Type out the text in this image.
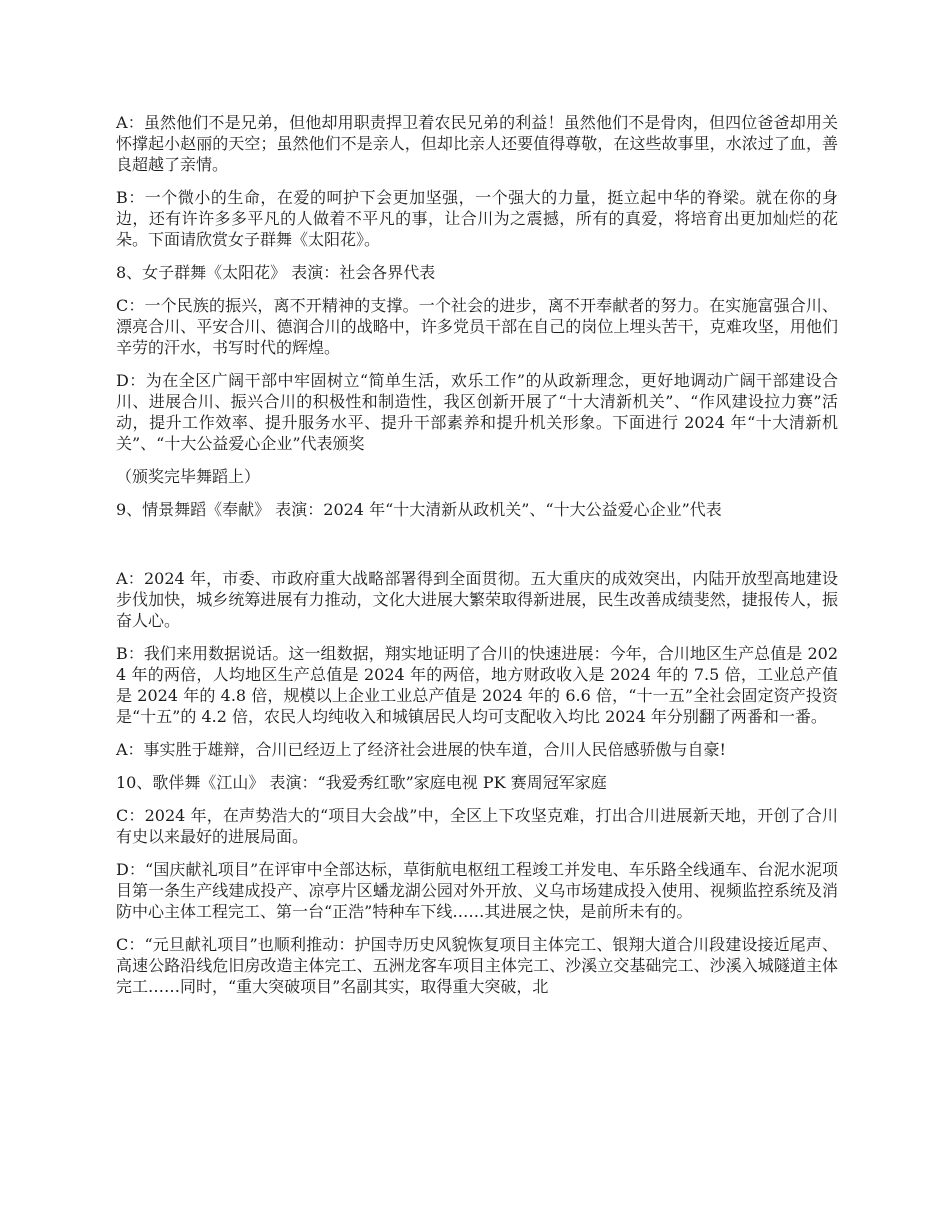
A：虽然他们不是兄弟，但他却用职责捍卫着农民兄弟的利益！虽然他们不是骨肉，但四位爸爸却用关怀撑起小赵丽的天空；虽然他们不是亲人，但却比亲人还要值得尊敬，在这些故事里，水浓过了血，善良超越了亲情。

B：一个微小的生命，在爱的呵护下会更加坚强，一个强大的力量，挺立起中华的脊梁。就在你的身边，还有许许多多平凡的人做着不平凡的事，让合川为之震撼，所有的真爱，将培育出更加灿烂的花朵。下面请欣赏女子群舞《太阳花》。

8、女子群舞《太阳花》 表演：社会各界代表

C：一个民族的振兴，离不开精神的支撑。一个社会的进步，离不开奉献者的努力。在实施富强合川、漂亮合川、平安合川、德润合川的战略中，许多党员干部在自己的岗位上埋头苦干，克难攻坚，用他们辛劳的汗水，书写时代的辉煌。

D：为在全区广阔干部中牢固树立“简单生活，欢乐工作”的从政新理念，更好地调动广阔干部建设合川、进展合川、振兴合川的积极性和制造性，我区创新开展了“十大清新机关”、“作风建设拉力赛”活动，提升工作效率、提升服务水平、提升干部素养和提升机关形象。下面进行 2024 年“十大清新机关”、“十大公益爱心企业”代表颁奖

（颁奖完毕舞蹈上）

9、情景舞蹈《奉献》 表演：2024 年“十大清新从政机关”、“十大公益爱心企业”代表

A：2024 年，市委、市政府重大战略部署得到全面贯彻。五大重庆的成效突出，内陆开放型高地建设步伐加快，城乡统筹进展有力推动，文化大进展大繁荣取得新进展，民生改善成绩斐然，捷报传人，振奋人心。

B：我们来用数据说话。这一组数据，翔实地证明了合川的快速进展：今年，合川地区生产总值是 2024 年的两倍，人均地区生产总值是 2024 年的两倍，地方财政收入是 2024 年的 7.5 倍，工业总产值是 2024 年的 4.8 倍，规模以上企业工业总产值是 2024 年的 6.6 倍，“十一五”全社会固定资产投资是“十五”的 4.2 倍，农民人均纯收入和城镇居民人均可支配收入均比 2024 年分别翻了两番和一番。

A：事实胜于雄辩，合川已经迈上了经济社会进展的快车道，合川人民倍感骄傲与自豪!

10、歌伴舞《江山》 表演：“我爱秀红歌”家庭电视 PK 赛周冠军家庭

C：2024 年，在声势浩大的“项目大会战”中，全区上下攻坚克难，打出合川进展新天地，开创了合川有史以来最好的进展局面。

D：“国庆献礼项目”在评审中全部达标，草街航电枢纽工程竣工并发电、车乐路全线通车、台泥水泥项目第一条生产线建成投产、凉亭片区蟠龙湖公园对外开放、义乌市场建成投入使用、视频监控系统及消防中心主体工程完工、第一台“正浩”特种车下线……其进展之快，是前所未有的。

C：“元旦献礼项目”也顺利推动：护国寺历史风貌恢复项目主体完工、银翔大道合川段建设接近尾声、高速公路沿线危旧房改造主体完工、五洲龙客车项目主体完工、沙溪立交基础完工、沙溪入城隧道主体完工……同时，“重大突破项目”名副其实，取得重大突破，北
